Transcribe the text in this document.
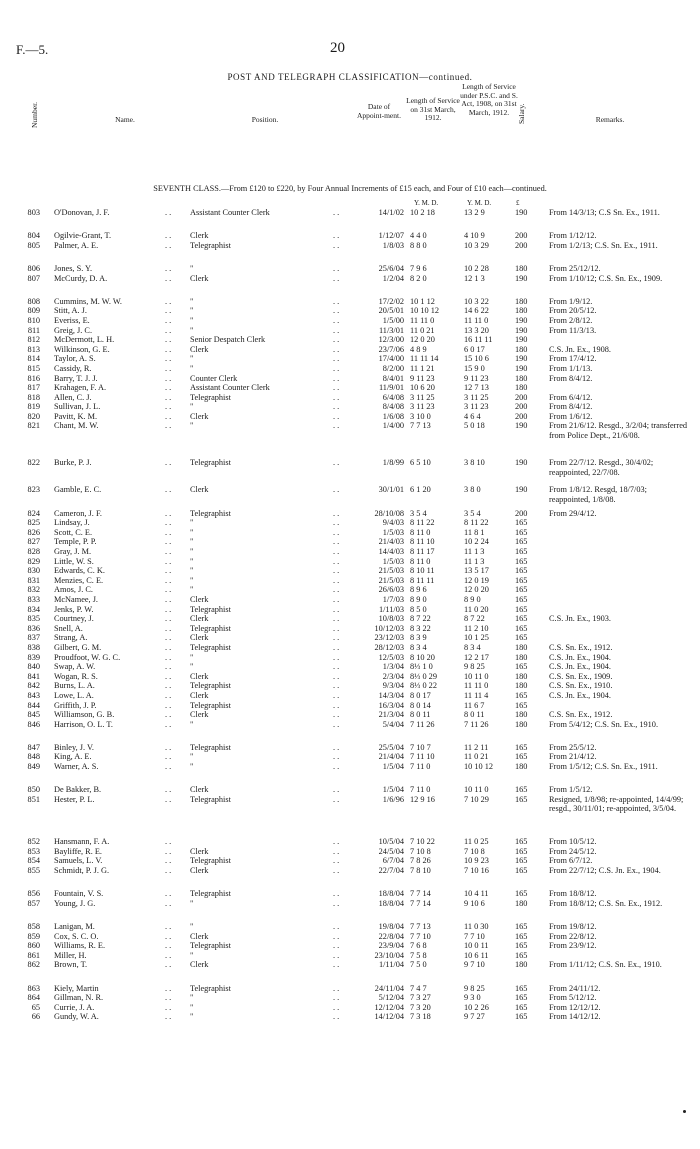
F.—5.	20
POST AND TELEGRAPH CLASSIFICATION—continued.
Number.	Name.	Position.
Date of Appoint-ment.
Length of Service on 31st March, 1912.
Length of Service under P.S.C. and S. Act, 1908, on 31st March, 1912.	Salary.	Remarks.
SEVENTH CLASS.—From £120 to £220, by Four Annual Increments of £15 each, and Four of £10 each—continued.
Y. M. D.	Y. M. D.	£
803 O'Donovan, J. F.	. . Assistant Counter Clerk	. .	14/1/02 10 2 18	13 2 9	190	From 14/3/13; C.S Sn. Ex., 1911.
804 Ogilvie-Grant, T.	. . Clerk	. .	1/12/07 4 4 0	4 10 9	200	From 1/12/12.
805 Palmer, A. E.	. . Telegraphist	. .	1/8/03 8 8 0	10 3 29	200	From 1/2/13; C.S. Sn. Ex., 1911.
806 Jones, S. Y.	. . "	. .	25/6/04 7 9 6	10 2 28	180	From 25/12/12.
807 McCurdy, D. A.	. . Clerk	. .	1/2/04 8 2 0	12 1 3	190	From 1/10/12; C.S. Sn. Ex., 1909.
808 Cummins, M. W. W.	. . "	. .	17/2/02 10 1 12	10 3 22	180	From 1/9/12.
809 Stitt, A. J.	. . "	. .	20/5/01 10 10 12	14 6 22	180	From 20/5/12.
810 Everiss, E.	. . "	. .	1/5/00 11 11 0	11 11 0	190	From 2/8/12.
811 Greig, J. C.	. . "	. .	11/3/01 11 0 21	13 3 20	190	From 11/3/13.
812 McDermott, L. H.	. . Senior Despatch Clerk	. .	12/3/00 12 0 20	16 11 11	190
813 Wilkinson, G. E.	. . Clerk	. .	23/7/06 4 8 9	6 0 17	180	C.S. Jn. Ex., 1908.
814 Taylor, A. S.	. . "	. .	17/4/00 11 11 14	15 10 6	190	From 17/4/12.
815 Cassidy, R.	. . "	. .	8/2/00 11 1 21	15 9 0	190	From 1/1/13.
816 Barry, T. J. J.	. . Counter Clerk	. .	8/4/01 9 11 23	9 11 23	180	From 8/4/12.
817 Krahagen, F. A.	. . Assistant Counter Clerk	. .	11/9/01 10 6 20	12 7 13	180
818 Allen, C. J.	. . Telegraphist	. .	6/4/08 3 11 25	3 11 25	200	From 6/4/12.
819 Sullivan, J. L.	. . "	. .	8/4/08 3 11 23	3 11 23	200	From 8/4/12.
820 Pavitt, K. M.	. . Clerk	. .	1/6/08 3 10 0	4 6 4	200	From 1/6/12.
821 Chant, M. W.	. . "	. .	1/4/00 7 7 13	5 0 18	190	From 21/6/12. Resgd., 3/2/04; transferred from Police Dept., 21/6/08.
822 Burke, P. J.	. . Telegraphist	. .	1/8/99 6 5 10	3 8 10	190	From 22/7/12. Resgd., 30/4/02; reappointed, 22/7/08.
823 Gamble, E. C.	. . Clerk	. .	30/1/01 6 1 20	3 8 0	190	From 1/8/12. Resgd, 18/7/03; reappointed, 1/8/08.
824 Cameron, J. F.	. . Telegraphist	. .	28/10/08 3 5 4	3 5 4	200	From 29/4/12.
825 Lindsay, J.	. . "	. .	9/4/03 8 11 22	8 11 22	165
826 Scott, C. E.	. . "	. .	1/5/03 8 11 0	11 8 1	165
827 Temple, P. P.	. . "	. .	21/4/03 8 11 10	10 2 24	165
828 Gray, J. M.	. . "	. .	14/4/03 8 11 17	11 1 3	165
829 Little, W. S.	. . "	. .	1/5/03 8 11 0	11 1 3	165
830 Edwards, C. K.	. . "	. .	21/5/03 8 10 11	13 5 17	165
831 Menzies, C. E.	. . "	. .	21/5/03 8 11 11	12 0 19	165
832 Amos, J. C.	. . "	. .	26/6/03 8 9 6	12 0 20	165
833 McNamee, J.	. . Clerk	. .	1/7/03 8 9 0	8 9 0	165
834 Jenks, P. W.	. . Telegraphist	. .	1/11/03 8 5 0	11 0 20	165
835 Courtney, J.	. . Clerk	. .	10/8/03 8 7 22	8 7 22	165	C.S. Jn. Ex., 1903.
836 Snell, A.	. . Telegraphist	. .	10/12/03 8 3 22	11 2 10	165
837 Strang, A.	. . Clerk	. .	23/12/03 8 3 9	10 1 25	165
838 Gilbert, G. M.	. . Telegraphist	. .	28/12/03 8 3 4	8 3 4	180	C.S. Sn. Ex., 1912.
839 Proudfoot, W. G. C.	. . "	. .	12/5/03 8 10 20	12 2 17	180	C.S. Jn. Ex., 1904.
840 Swap, A. W.	. . "	. .	1/3/04 8⅓ 1 0	9 8 25	165	C.S. Jn. Ex., 1904.
841 Wogan, R. S.	. . Clerk	. .	2/3/04 8⅓ 0 29	10 11 0	180	C.S. Sn. Ex., 1909.
842 Burns, L. A.	. . Telegraphist	. .	9/3/04 8⅓ 0 22	11 11 0	180	C.S. Sn. Ex., 1910.
843 Lowe, L. A.	. . Clerk	. .	14/3/04 8 0 17	11 11 4	165	C.S. Jn. Ex., 1904.
844 Griffith, J. P.	. . Telegraphist	. .	16/3/04 8 0 14	11 6 7	165
845 Williamson, G. B.	. . Clerk	. .	21/3/04 8 0 11	8 0 11	180	C.S. Sn. Ex., 1912.
846 Harrison, O. L. T.	. . "	. .	5/4/04 7 11 26	7 11 26	180	From 5/4/12; C.S. Sn. Ex., 1910.
847 Binley, J. V.	. . Telegraphist	. .	25/5/04 7 10 7	11 2 11	165	From 25/5/12.
848 King, A. E.	. . "	. .	21/4/04 7 11 10	11 0 21	165	From 21/4/12.
849 Warner, A. S.	. . "	. .	1/5/04 7 11 0	10 10 12	180	From 1/5/12; C.S. Sn. Ex., 1911.
850 De Bakker, B.	. . Clerk	. .	1/5/04 7 11 0	10 11 0	165	From 1/5/12.
851 Hester, P. L.	. . Telegraphist	. .	1/6/96 12 9 16	7 10 29	165	Resigned, 1/8/98; re-appointed, 14/4/99; resgd., 30/11/01; re-appointed, 3/5/04.
852 Hansmann, F. A.	. .	. .	10/5/04 7 10 22	11 0 25	165	From 10/5/12.
853 Bayliffe, R. E.	. . Clerk	. .	24/5/04 7 10 8	7 10 8	165	From 24/5/12.
854 Samuels, L. V.	. . Telegraphist	. .	6/7/04 7 8 26	10 9 23	165	From 6/7/12.
855 Schmidt, P. J. G.	. . Clerk	. .	22/7/04 7 8 10	7 10 16	165	From 22/7/12; C.S. Jn. Ex., 1904.
856 Fountain, V. S.	. . Telegraphist	. .	18/8/04 7 7 14	10 4 11	165	From 18/8/12.
857 Young, J. G.	. . "	. .	18/8/04 7 7 14	9 10 6	180	From 18/8/12; C.S. Sn. Ex., 1912.
858 Lanigan, M.	. . "	. .	19/8/04 7 7 13	11 0 30	165	From 19/8/12.
859 Cox, S. C. O.	. . Clerk	. .	22/8/04 7 7 10	7 7 10	165	From 22/8/12.
860 Williams, R. E.	. . Telegraphist	. .	23/9/04 7 6 8	10 0 11	165	From 23/9/12.
861 Miller, H.	. . "	. .	23/10/04 7 5 8	10 6 11	165
862 Brown, T.	. . Clerk	. .	1/11/04 7 5 0	9 7 10	180	From 1/11/12; C.S. Sn. Ex., 1910.
863 Kiely, Martin	. . Telegraphist	. .	24/11/04 7 4 7	9 8 25	165	From 24/11/12.
864 Gillman, N. R.	. . "	. .	5/12/04 7 3 27	9 3 0	165	From 5/12/12.
65 Currie, J. A.	. . "	. .	12/12/04 7 3 20	10 2 26	165	From 12/12/12.
66 Gundy, W. A.	. . "	. .	14/12/04 7 3 18	9 7 27	165	From 14/12/12.
